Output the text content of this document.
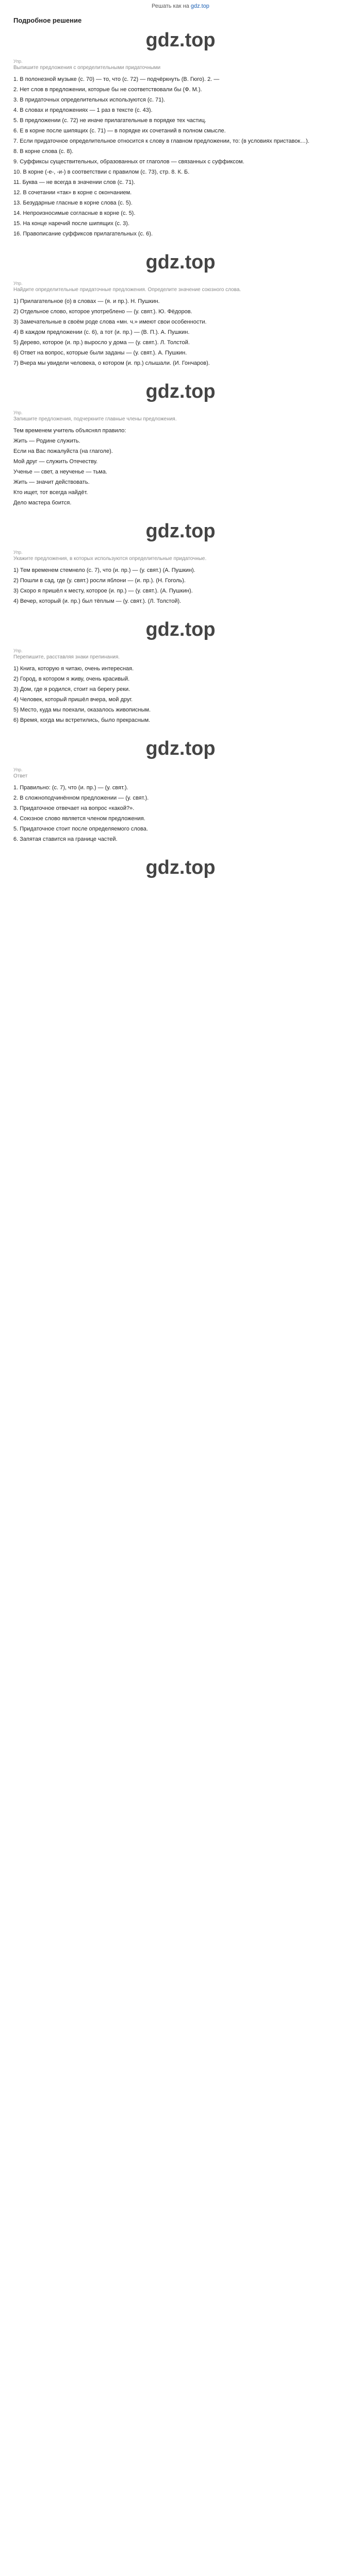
Решать как на gdz.top
Подробное решение
gdz.top
Упр.
Выпишите предложения с определительными придаточными
1. В полонезной музыке (с. 70) — то, что (с. 72) — подчёркнуть (В. Гюго). 2. —
2. Нет слов в предложении, которые бы не соответствовали бы (Ф. М.).
3. В придаточных определительных используются (с. 71).
4. В словах и предложениях — 1 раз в тексте (с. 43).
5. В предложении (с. 72) не иначе прилагательные в порядке тех частиц.
6. Е в корне после шипящих (с. 71) — в порядке их сочетаний в полном смысле.
7. Если придаточное определительное относится к слову в главном предложении, то: (в условиях приставок…).
8. В корне слова (с. 8).
9. Суффиксы существительных, образованных от глаголов — связанных с суффиксом.
10. В корне (-е-, -и-) в соответствии с правилом (с. 73), стр. 8. К. Б.
11. Буква — не всегда в значении слов (с. 71).
12. В сочетании «так» в корне с окончанием.
13. Безударные гласные в корне слова (с. 5).
14. Непроизносимые согласные в корне (с. 5).
15. На конце наречий после шипящих (с. 3).
16. Правописание суффиксов прилагательных (с. 6).
gdz.top
Упр.
Найдите определительные придаточные предложения. Определите значение союзного слова.
1) Прилагательное (о) в словах — (я. и пр.). Н. Пушкин.
2) Отдельное слово, которое употреблено — (у. свят.). Ю. Фёдоров.
3) Замечательные в своём роде слова «мн. ч.» имеют свои особенности.
4) В каждом предложении (с. 6), а тот (и. пр.) — (В. П.). А. Пушкин.
5) Дерево, которое (и. пр.) выросло у дома — (у. свят.). Л. Толстой.
6) Ответ на вопрос, которые были заданы — (у. свят.). А. Пушкин.
7) Вчера мы увидели человека, о котором (и. пр.) слышали. (И. Гончаров).
gdz.top
Упр.
Запишите предложения, подчеркните главные члены предложения.
Тем временем учитель объяснял правило:
Жить — Родине служить.
Если на Вас пожалуйста (на глаголе).
Мой друг — служить Отечеству.
Ученье — свет, а неученье — тьма.
Жить — значит действовать.
Кто ищет, тот всегда найдёт.
Дело мастера боится.
gdz.top
Упр.
Укажите предложения, в которых используются определительные придаточные.
1) Тем временем стемнело (с. 7), что (и. пр.) — (у. свят.) (А. Пушкин).
2) Пошли в сад, где (у. свят.) росли яблони — (и. пр.). (Н. Гоголь).
3) Скоро я пришёл к месту, которое (и. пр.) — (у. свят.). (А. Пушкин).
4) Вечер, который (и. пр.) был тёплым — (у. свят.). (Л. Толстой).
gdz.top
Упр.
Перепишите, расставляя знаки препинания.
1) Книга, которую я читаю, очень интересная.
2) Город, в котором я живу, очень красивый.
3) Дом, где я родился, стоит на берегу реки.
4) Человек, который пришёл вчера, мой друг.
5) Место, куда мы поехали, оказалось живописным.
6) Время, когда мы встретились, было прекрасным.
gdz.top
Упр.
Ответ
1. Правильно: (с. 7), что (и. пр.) — (у. свят.).
2. В сложноподчинённом предложении — (у. свят.).
3. Придаточное отвечает на вопрос «какой?».
4. Союзное слово является членом предложения.
5. Придаточное стоит после определяемого слова.
6. Запятая ставится на границе частей.
gdz.top
